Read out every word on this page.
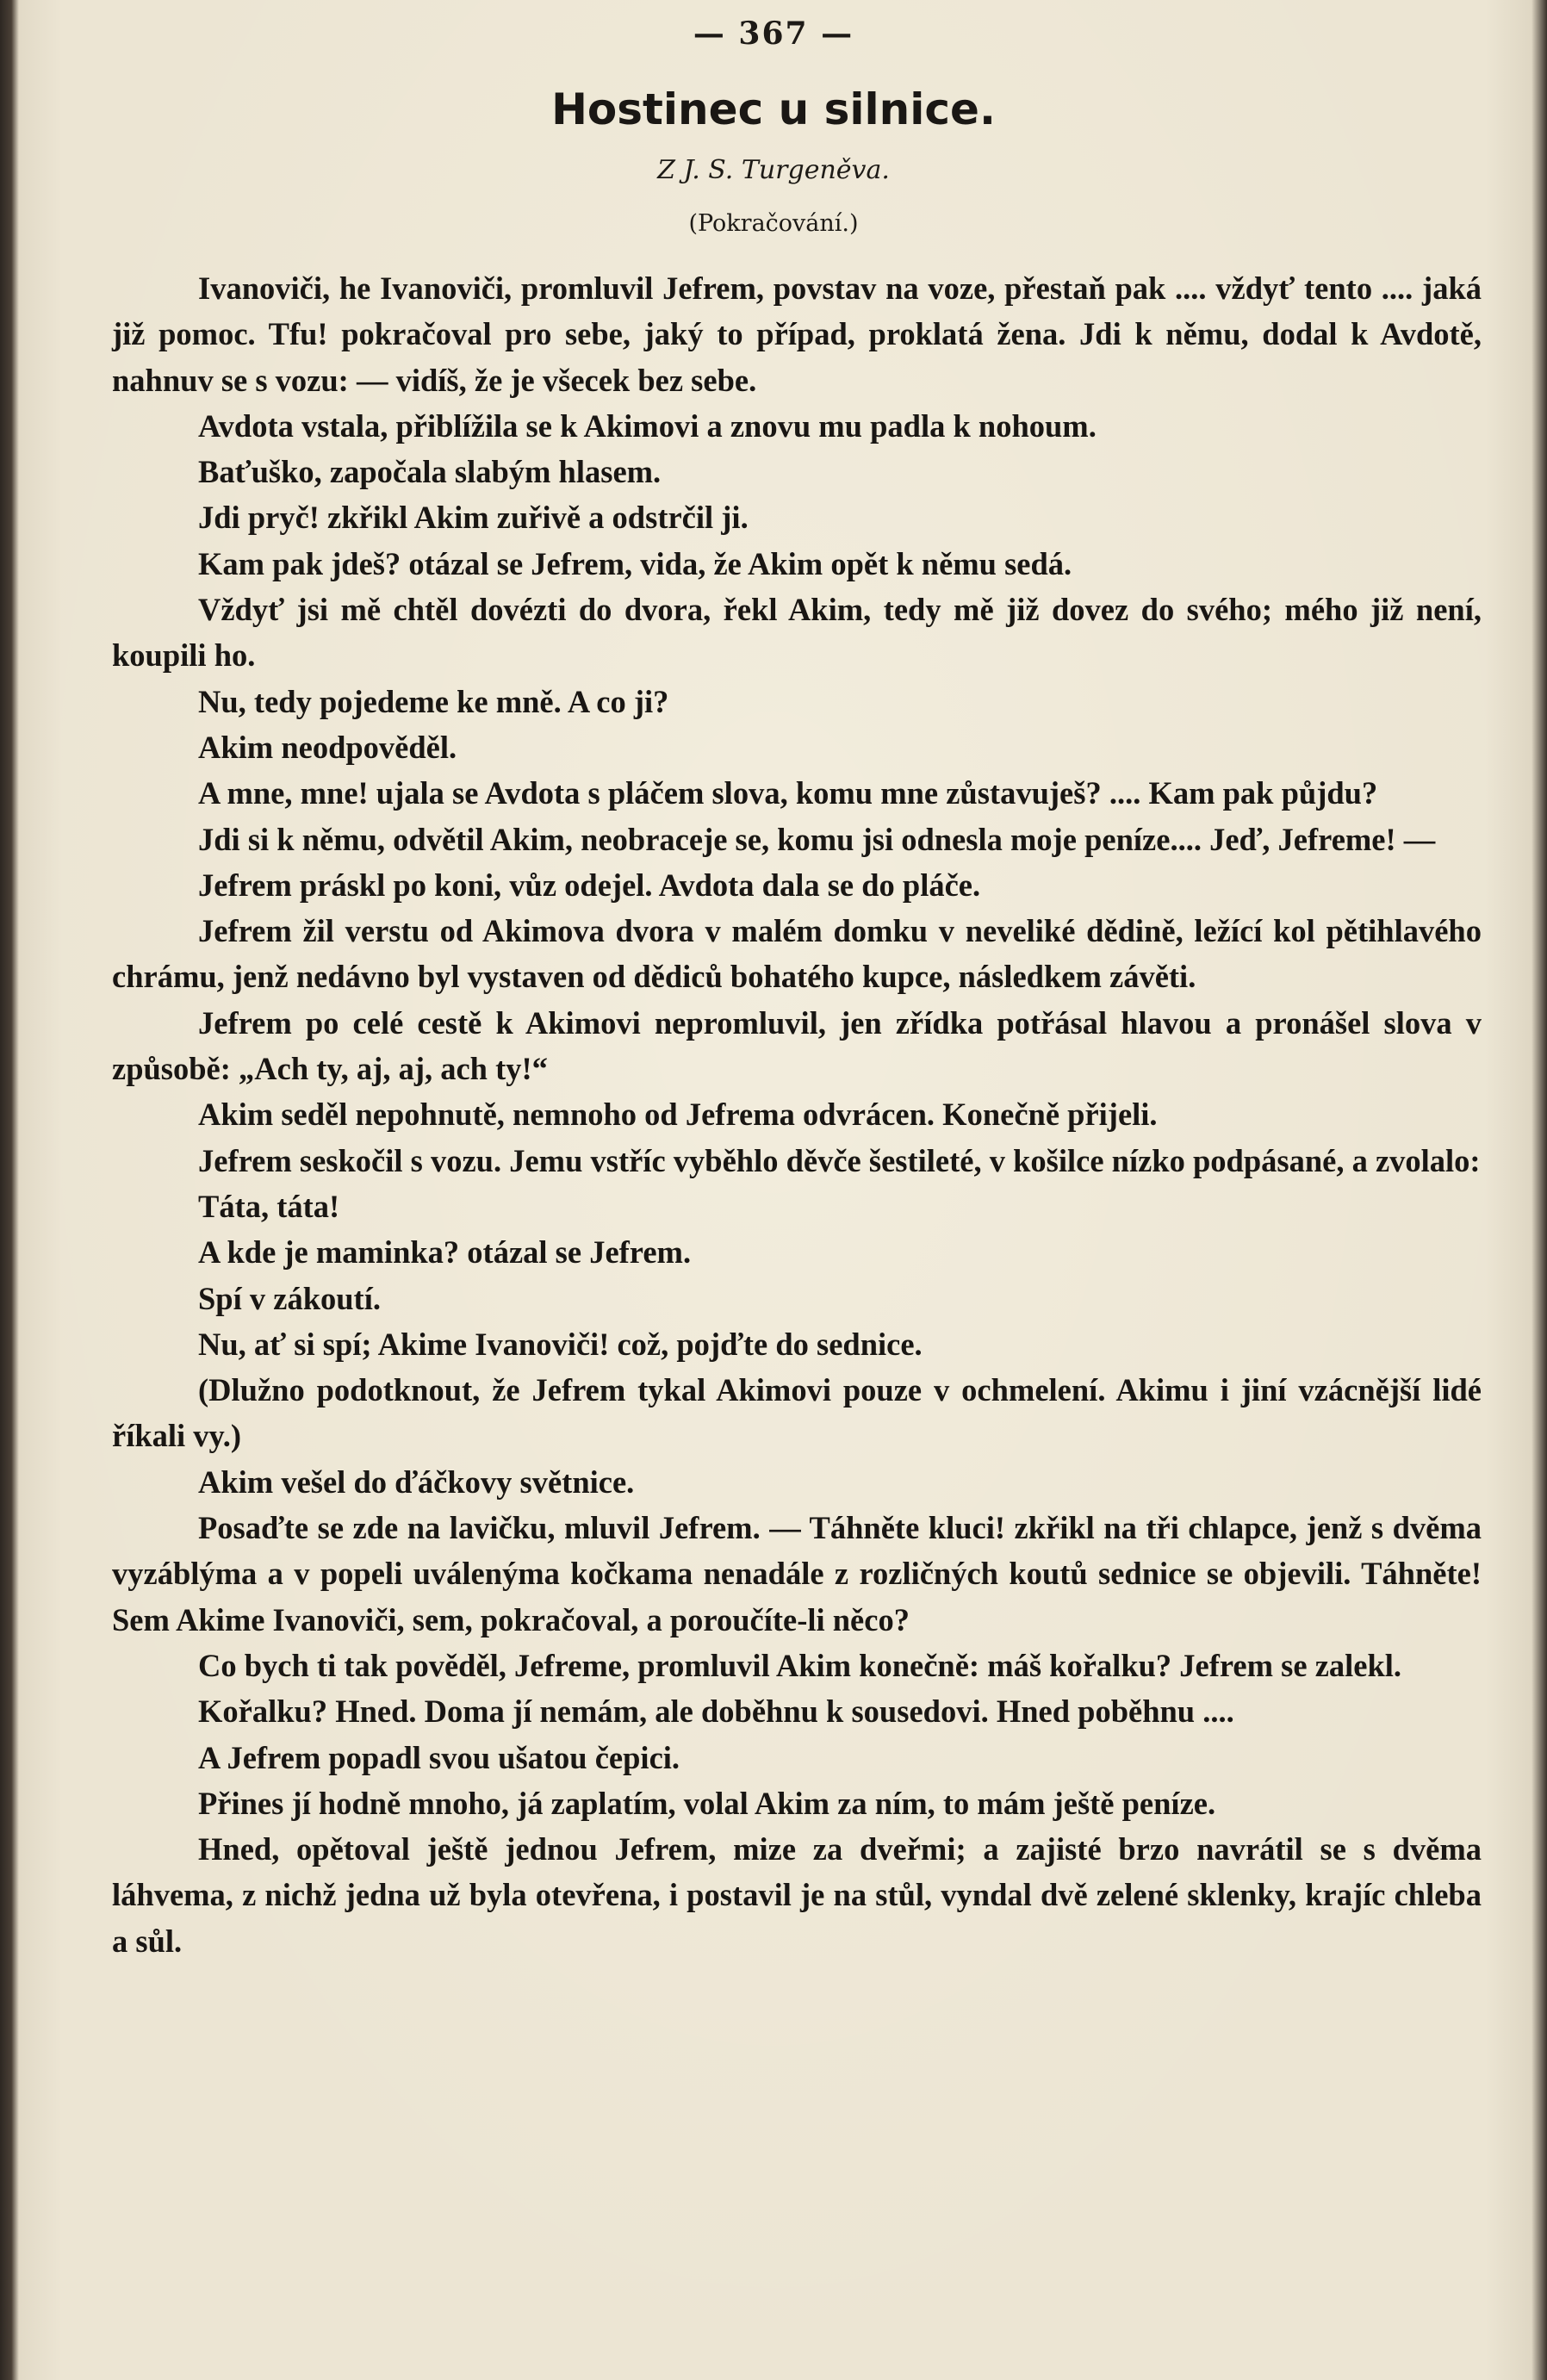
— 367 —
Hostinec u silnice.
Z J. S. Turgeněva.
(Pokračování.)

Ivanoviči, he Ivanoviči, promluvil Jefrem, povstav na voze, přestaň pak .... vždyť tento .... jaká již pomoc. Tfu! pokračoval pro sebe, jaký to případ, proklatá žena. Jdi k němu, dodal k Avdotě, nahnuv se s vozu: — vidíš, že je všecek bez sebe.

Avdota vstala, přiblížila se k Akimovi a znovu mu padla k nohoum.

Baťuško, započala slabým hlasem.

Jdi pryč! zkřikl Akim zuřivě a odstrčil ji.

Kam pak jdeš? otázal se Jefrem, vida, že Akim opět k němu sedá.

Vždyť jsi mě chtěl dovézti do dvora, řekl Akim, tedy mě již dovez do svého; mého již není, koupili ho.

Nu, tedy pojedeme ke mně. A co ji?

Akim neodpověděl.

A mne, mne! ujala se Avdota s pláčem slova, komu mne zůstavuješ? .... Kam pak půjdu?

Jdi si k němu, odvětil Akim, neobraceje se, komu jsi odnesla moje peníze.... Jeď, Jefreme! —

Jefrem práskl po koni, vůz odejel. Avdota dala se do pláče.

Jefrem žil verstu od Akimova dvora v malém domku v neveliké dědině, ležící kol pětihlavého chrámu, jenž nedávno byl vystaven od dědiců bohatého kupce, následkem závěti.

Jefrem po celé cestě k Akimovi nepromluvil, jen zřídka potřásal hlavou a pronášel slova v způsobě: „Ach ty, aj, aj, ach ty!“

Akim seděl nepohnutě, nemnoho od Jefrema odvrácen. Konečně přijeli.

Jefrem seskočil s vozu. Jemu vstříc vyběhlo děvče šestileté, v košilce nízko podpásané, a zvolalo:

Táta, táta!

A kde je maminka? otázal se Jefrem.

Spí v zákoutí.

Nu, ať si spí; Akime Ivanoviči! což, pojďte do sednice.

(Dlužno podotknout, že Jefrem tykal Akimovi pouze v ochmelení. Akimu i jiní vzácnější lidé říkali vy.)

Akim vešel do ďáčkovy světnice.

Posaďte se zde na lavičku, mluvil Jefrem. — Táhněte kluci! zkřikl na tři chlapce, jenž s dvěma vyzáblýma a v popeli uválenýma kočkama nenadále z rozličných koutů sednice se objevili. Táhněte! Sem Akime Ivanoviči, sem, pokračoval, a poroučíte-li něco?

Co bych ti tak pověděl, Jefreme, promluvil Akim konečně: máš kořalku? Jefrem se zalekl.

Kořalku? Hned. Doma jí nemám, ale doběhnu k sousedovi. Hned poběhnu ....

A Jefrem popadl svou ušatou čepici.

Přines jí hodně mnoho, já zaplatím, volal Akim za ním, to mám ještě peníze.

Hned, opětoval ještě jednou Jefrem, mize za dveřmi; a zajisté brzo navrátil se s dvěma láhvema, z nichž jedna už byla otevřena, i postavil je na stůl, vyndal dvě zelené sklenky, krajíc chleba a sůl.
